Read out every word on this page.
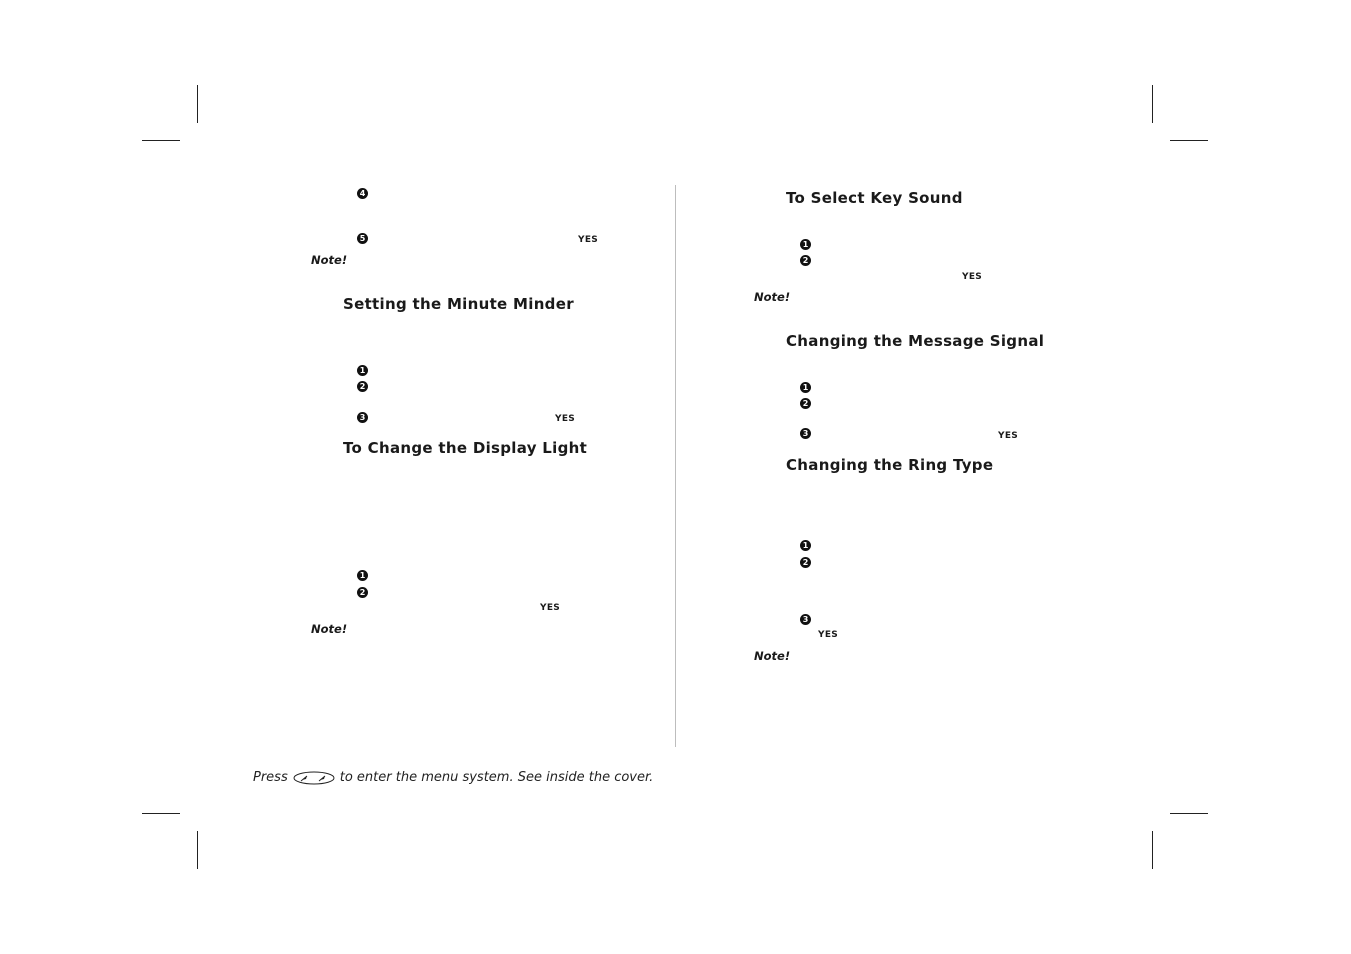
4
5	YES
Note!
Setting the Minute Minder
1
2
3	YES
To Change the Display Light
1
2
YES
Note!
To Select Key Sound
1
2
YES
Note!
Changing the Message Signal
1
2
3	YES
Changing the Ring Type
1
2
3
YES
Note!
Press	to enter the menu system. See inside the cover.
